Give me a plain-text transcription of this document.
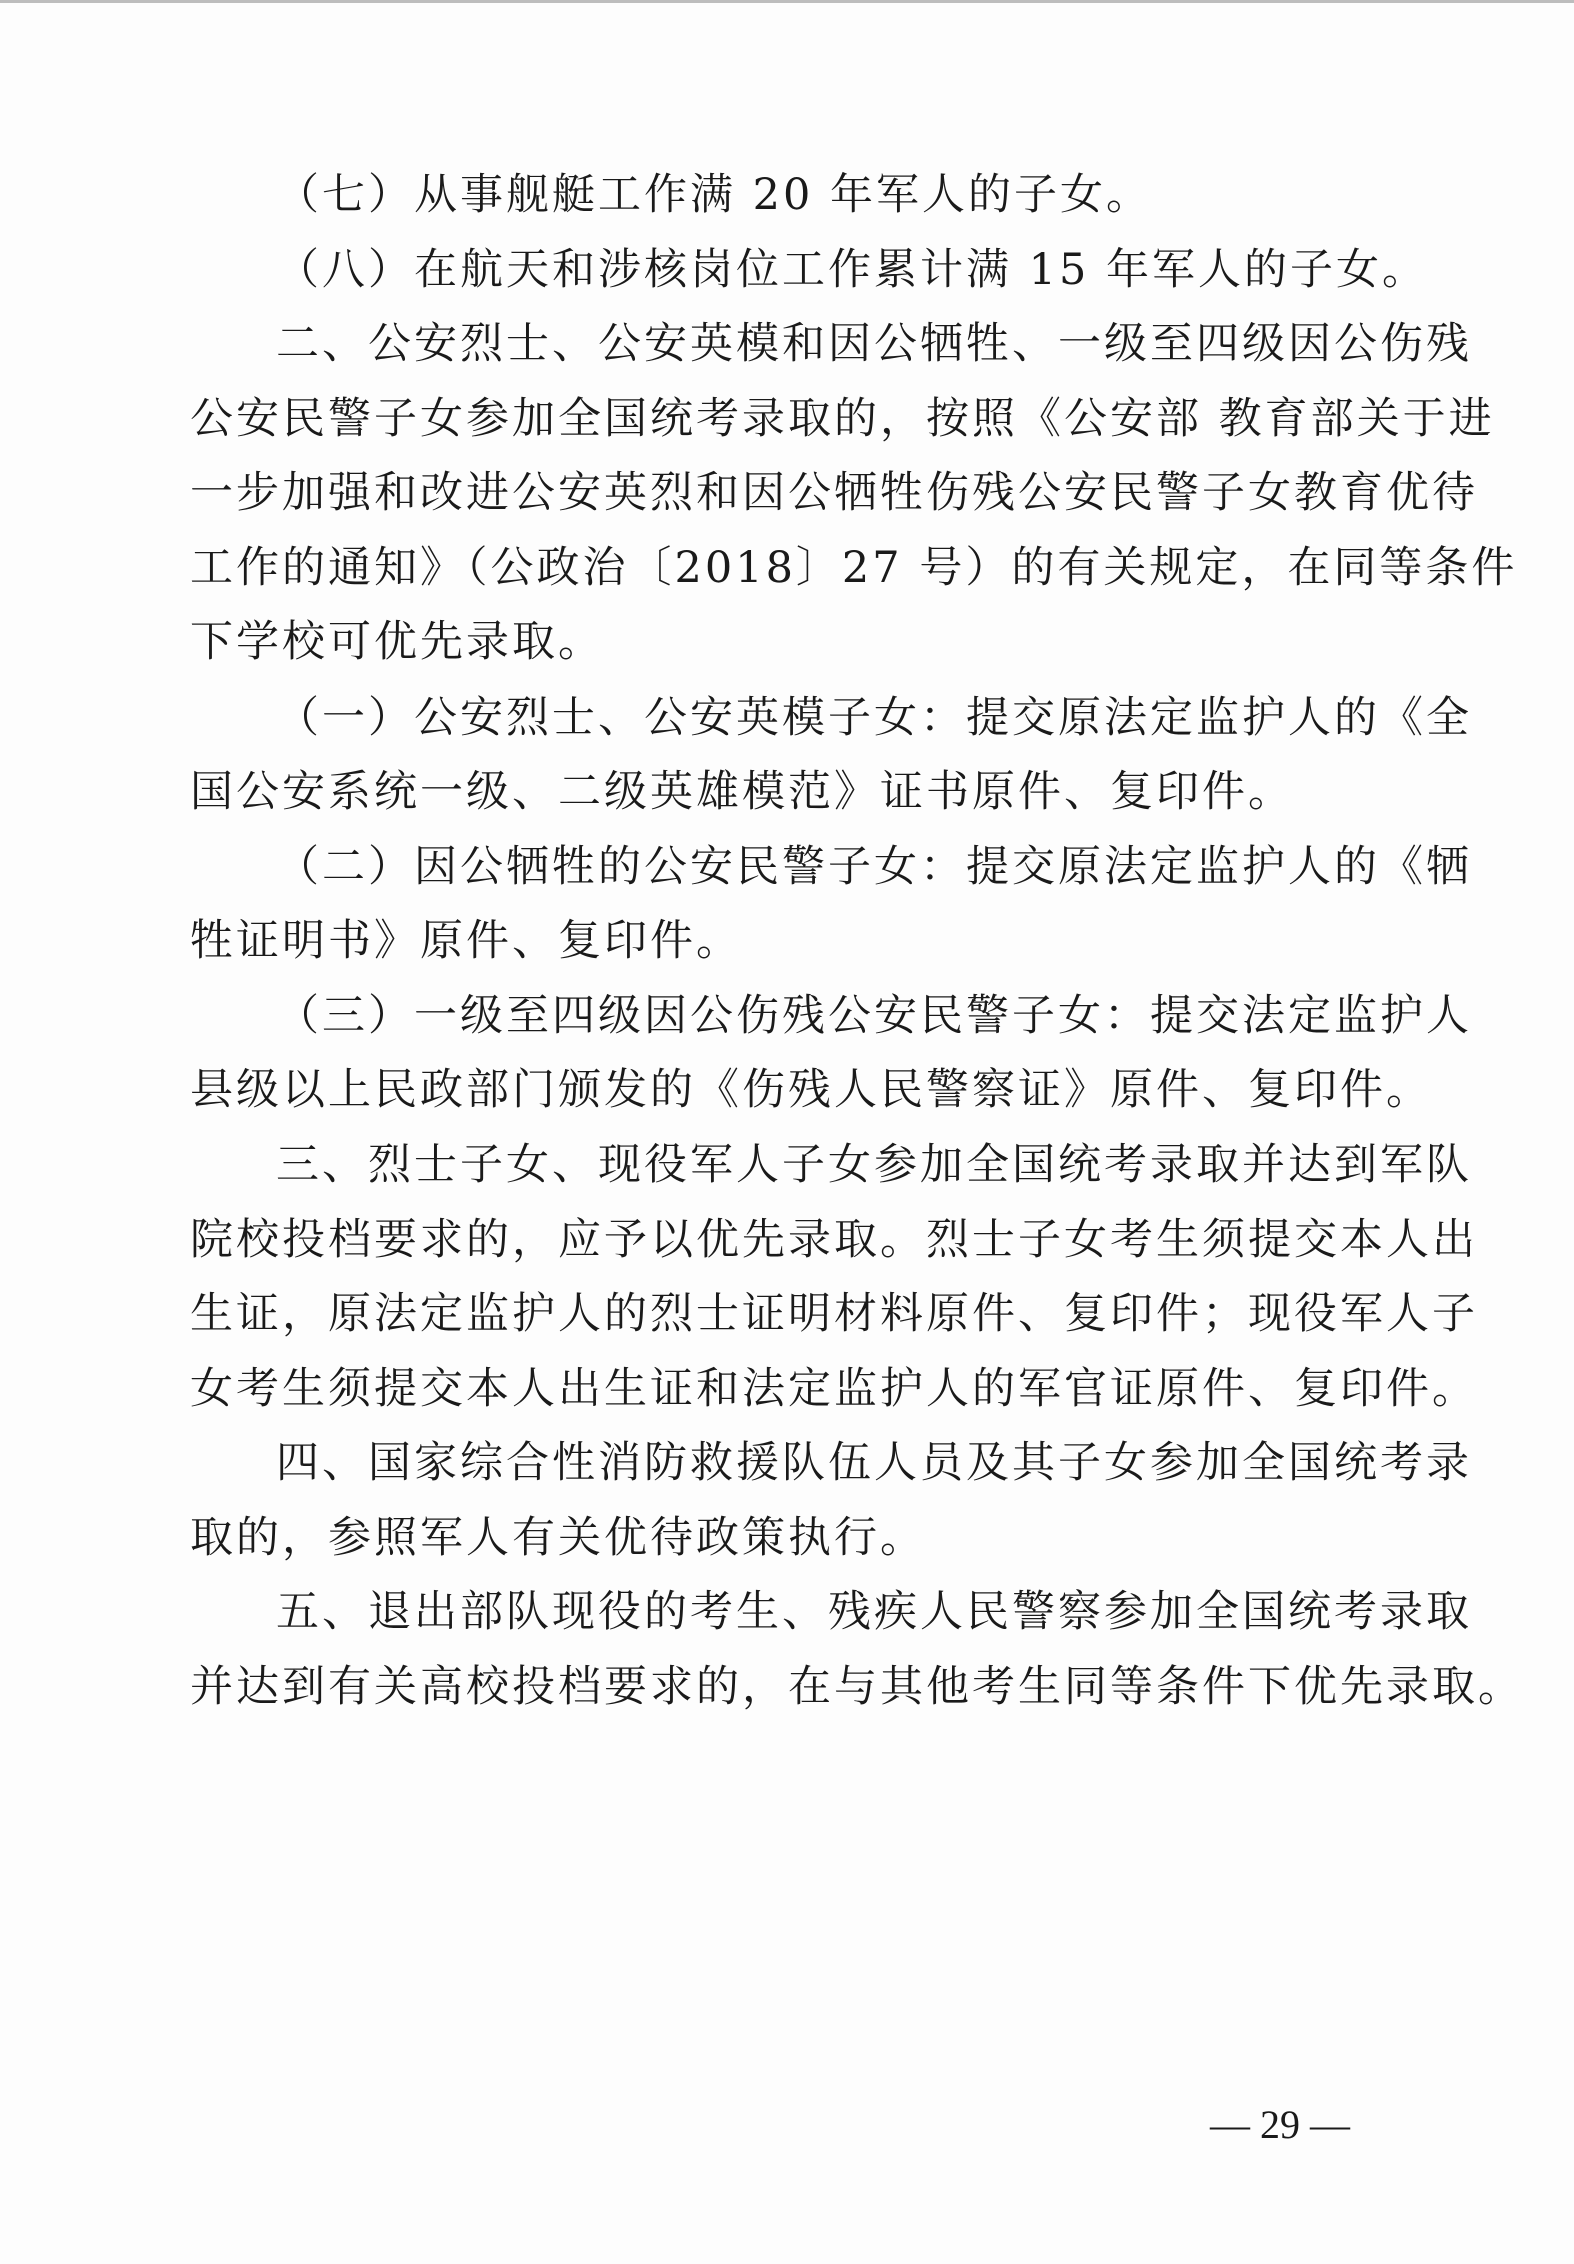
（七）从事舰艇工作满 20 年军人的子女。
（八）在航天和涉核岗位工作累计满 15 年军人的子女。
二、公安烈士、公安英模和因公牺牲、一级至四级因公伤残
公安民警子女参加全国统考录取的，按照《公安部 教育部关于进
一步加强和改进公安英烈和因公牺牲伤残公安民警子女教育优待
工作的通知》（公政治〔2018〕27 号）的有关规定，在同等条件
下学校可优先录取。
（一）公安烈士、公安英模子女：提交原法定监护人的《全
国公安系统一级、二级英雄模范》证书原件、复印件。
（二）因公牺牲的公安民警子女：提交原法定监护人的《牺
牲证明书》原件、复印件。
（三）一级至四级因公伤残公安民警子女：提交法定监护人
县级以上民政部门颁发的《伤残人民警察证》原件、复印件。
三、烈士子女、现役军人子女参加全国统考录取并达到军队
院校投档要求的，应予以优先录取。烈士子女考生须提交本人出
生证，原法定监护人的烈士证明材料原件、复印件；现役军人子
女考生须提交本人出生证和法定监护人的军官证原件、复印件。
四、国家综合性消防救援队伍人员及其子女参加全国统考录
取的，参照军人有关优待政策执行。
五、退出部队现役的考生、残疾人民警察参加全国统考录取
并达到有关高校投档要求的，在与其他考生同等条件下优先录取。
— 29 —
